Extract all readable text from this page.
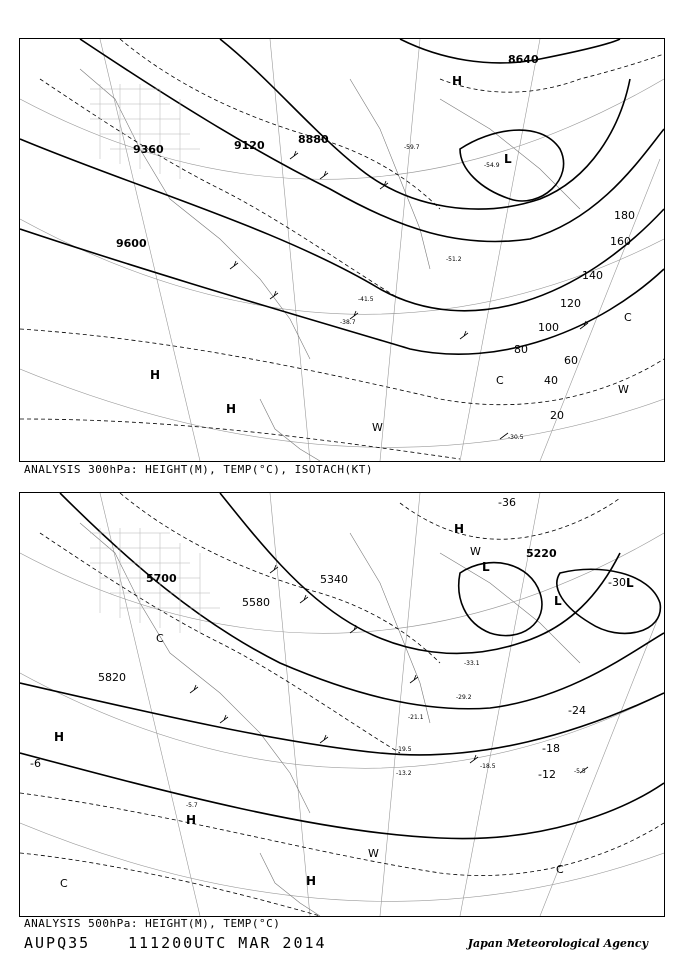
8640
8880
9120
9360
9600
20
40
60
80
100
120
140
160
180
-30.5
-38.7
-41.5
-51.2
-54.9
-59.7
H
H
H
L
C
C
W
W
ANALYSIS 300hPa: HEIGHT(M), TEMP(°C), ISOTACH(KT)
5220
5340
5580
5700
5820
-6
-12
-18
-24
-30
-36
-5.5
-19.5
-18.5
-13.2
-21.1
-29.2
-33.1
-5.7
H
H
H
H
L
L
L
C
C
C
W
W
ANALYSIS 500hPa: HEIGHT(M), TEMP(°C)
AUPQ35	111200UTC MAR 2014	Japan Meteorological Agency
